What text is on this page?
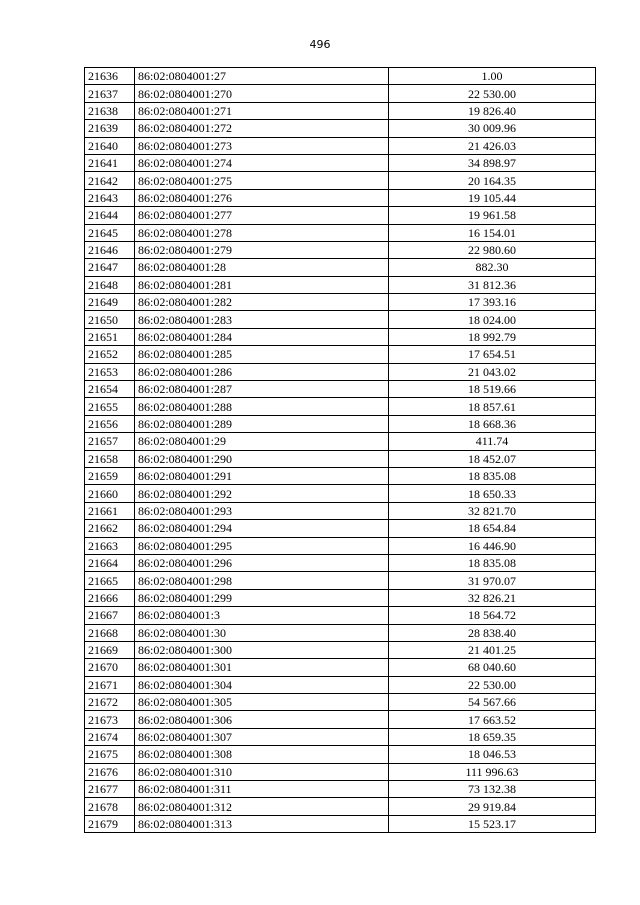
496
21636	86:02:0804001:27	1.00
21637	86:02:0804001:270	22 530.00
21638	86:02:0804001:271	19 826.40
21639	86:02:0804001:272	30 009.96
21640	86:02:0804001:273	21 426.03
21641	86:02:0804001:274	34 898.97
21642	86:02:0804001:275	20 164.35
21643	86:02:0804001:276	19 105.44
21644	86:02:0804001:277	19 961.58
21645	86:02:0804001:278	16 154.01
21646	86:02:0804001:279	22 980.60
21647	86:02:0804001:28	882.30
21648	86:02:0804001:281	31 812.36
21649	86:02:0804001:282	17 393.16
21650	86:02:0804001:283	18 024.00
21651	86:02:0804001:284	18 992.79
21652	86:02:0804001:285	17 654.51
21653	86:02:0804001:286	21 043.02
21654	86:02:0804001:287	18 519.66
21655	86:02:0804001:288	18 857.61
21656	86:02:0804001:289	18 668.36
21657	86:02:0804001:29	411.74
21658	86:02:0804001:290	18 452.07
21659	86:02:0804001:291	18 835.08
21660	86:02:0804001:292	18 650.33
21661	86:02:0804001:293	32 821.70
21662	86:02:0804001:294	18 654.84
21663	86:02:0804001:295	16 446.90
21664	86:02:0804001:296	18 835.08
21665	86:02:0804001:298	31 970.07
21666	86:02:0804001:299	32 826.21
21667	86:02:0804001:3	18 564.72
21668	86:02:0804001:30	28 838.40
21669	86:02:0804001:300	21 401.25
21670	86:02:0804001:301	68 040.60
21671	86:02:0804001:304	22 530.00
21672	86:02:0804001:305	54 567.66
21673	86:02:0804001:306	17 663.52
21674	86:02:0804001:307	18 659.35
21675	86:02:0804001:308	18 046.53
21676	86:02:0804001:310	111 996.63
21677	86:02:0804001:311	73 132.38
21678	86:02:0804001:312	29 919.84
21679	86:02:0804001:313	15 523.17
